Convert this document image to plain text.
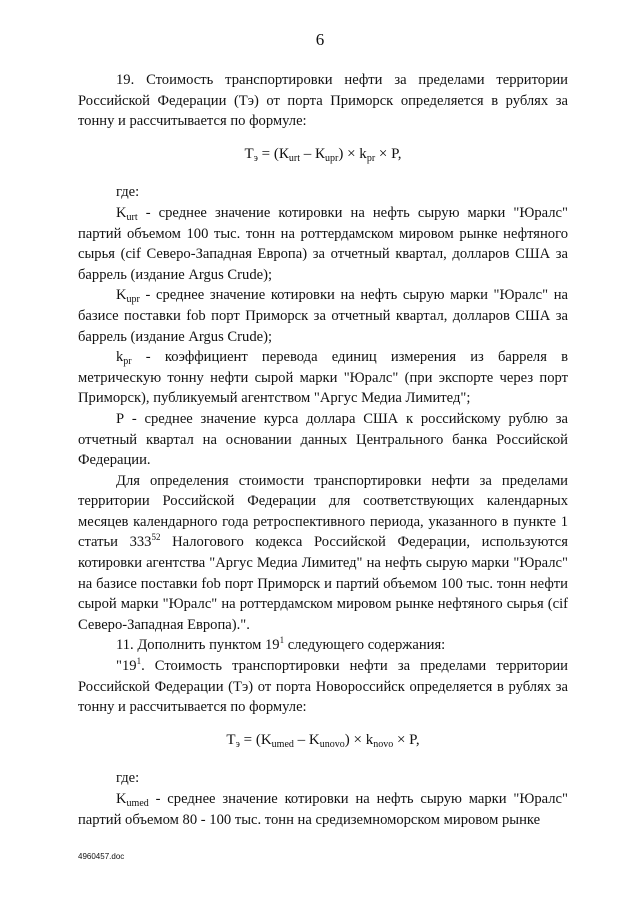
6

19. Стоимость транспортировки нефти за пределами территории Российской Федерации (Тэ) от порта Приморск определяется в рублях за тонну и рассчитывается по формуле:

$Т_э = (К_{urt} - К_{upr}) \times k_{pr} \times P$,

где:

$K_{urt}$ - среднее значение котировки на нефть сырую марки "Юралс" партий объемом 100 тыс. тонн на роттердамском мировом рынке нефтяного сырья (cif Северо-Западная Европа) за отчетный квартал, долларов США за баррель (издание Argus Crude);

$K_{upr}$ - среднее значение котировки на нефть сырую марки "Юралс" на базисе поставки fob порт Приморск за отчетный квартал, долларов США за баррель (издание Argus Crude);

$k_{pr}$ - коэффициент перевода единиц измерения из барреля в метрическую тонну нефти сырой марки "Юралс" (при экспорте через порт Приморск), публикуемый агентством "Аргус Медиа Лимитед";

Р - среднее значение курса доллара США к российскому рублю за отчетный квартал на основании данных Центрального банка Российской Федерации.

Для определения стоимости транспортировки нефти за пределами территории Российской Федерации для соответствующих календарных месяцев календарного года ретроспективного периода, указанного в пункте 1 статьи $333^{52}$ Налогового кодекса Российской Федерации, используются котировки агентства "Аргус Медиа Лимитед" на нефть сырую марки "Юралс" на базисе поставки fob порт Приморск и партий объемом 100 тыс. тонн нефти сырой марки "Юралс" на роттердамском мировом рынке нефтяного сырья (cif Северо-Западная Европа).".

11. Дополнить пунктом $19^1$ следующего содержания:

"$19^1$. Стоимость транспортировки нефти за пределами территории Российской Федерации (Тэ) от порта Новороссийск определяется в рублях за тонну и рассчитывается по формуле:

$Т_э = (K_{umed} - K_{unovo}) \times k_{novo} \times P$,

где:

$K_{umed}$ - среднее значение котировки на нефть сырую марки "Юралс" партий объемом 80 - 100 тыс. тонн на средиземноморском мировом рынке

4960457.doc
